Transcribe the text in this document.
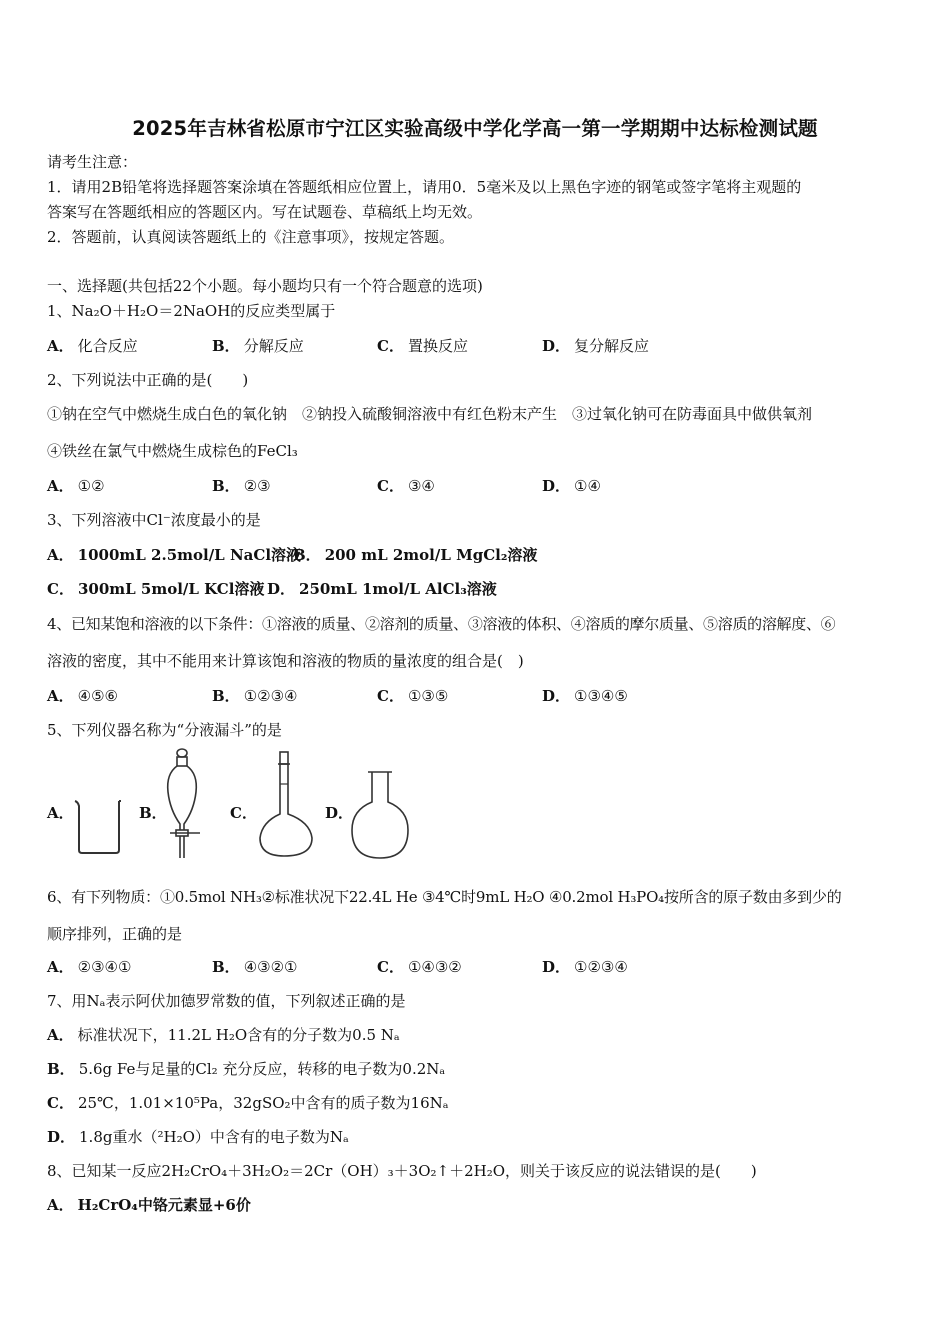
2025年吉林省松原市宁江区实验高级中学化学高一第一学期期中达标检测试题
请考生注意：
1．请用2B铅笔将选择题答案涂填在答题纸相应位置上，请用0．5毫米及以上黑色字迹的钢笔或签字笔将主观题的
答案写在答题纸相应的答题区内。写在试题卷、草稿纸上均无效。
2．答题前，认真阅读答题纸上的《注意事项》，按规定答题。
一、选择题(共包括22个小题。每小题均只有一个符合题意的选项)
1、Na₂O＋H₂O＝2NaOH的反应类型属于
A． 化合反应	B． 分解反应	C． 置换反应	D． 复分解反应
2、下列说法中正确的是(　　)
①钠在空气中燃烧生成白色的氧化钠　②钠投入硫酸铜溶液中有红色粉末产生　③过氧化钠可在防毒面具中做供氧剂
④铁丝在氯气中燃烧生成棕色的FeCl₃
A． ①②	B． ②③	C． ③④	D． ①④
3、下列溶液中Cl⁻浓度最小的是
A． 1000mL 2.5mol/L NaCl溶液
B． 200 mL 2mol/L MgCl₂溶液
C． 300mL 5mol/L KCl溶液 D． 250mL 1mol/L AlCl₃溶液
4、已知某饱和溶液的以下条件：①溶液的质量、②溶剂的质量、③溶液的体积、④溶质的摩尔质量、⑤溶质的溶解度、⑥
溶液的密度，其中不能用来计算该饱和溶液的物质的量浓度的组合是(　)
A． ④⑤⑥	B． ①②③④	C． ①③⑤	D． ①③④⑤
5、下列仪器名称为“分液漏斗”的是
A．	B．	C．	D．
6、有下列物质：①0.5mol NH₃②标准状况下22.4L He ③4℃时9mL H₂O ④0.2mol H₃PO₄按所含的原子数由多到少的
顺序排列，正确的是
A． ②③④①	B． ④③②①	C． ①④③②	D． ①②③④
7、用Nₐ表示阿伏加德罗常数的值，下列叙述正确的是
A． 标准状况下，11.2L H₂O含有的分子数为0.5 Nₐ
B． 5.6g Fe与足量的Cl₂ 充分反应，转移的电子数为0.2Nₐ
C． 25℃，1.01×10⁵Pa，32gSO₂中含有的质子数为16Nₐ
D． 1.8g重水（²H₂O）中含有的电子数为Nₐ
8、已知某一反应2H₂CrO₄＋3H₂O₂＝2Cr（OH）₃＋3O₂↑＋2H₂O，则关于该反应的说法错误的是(　　)
A． H₂CrO₄中铬元素显+6价
